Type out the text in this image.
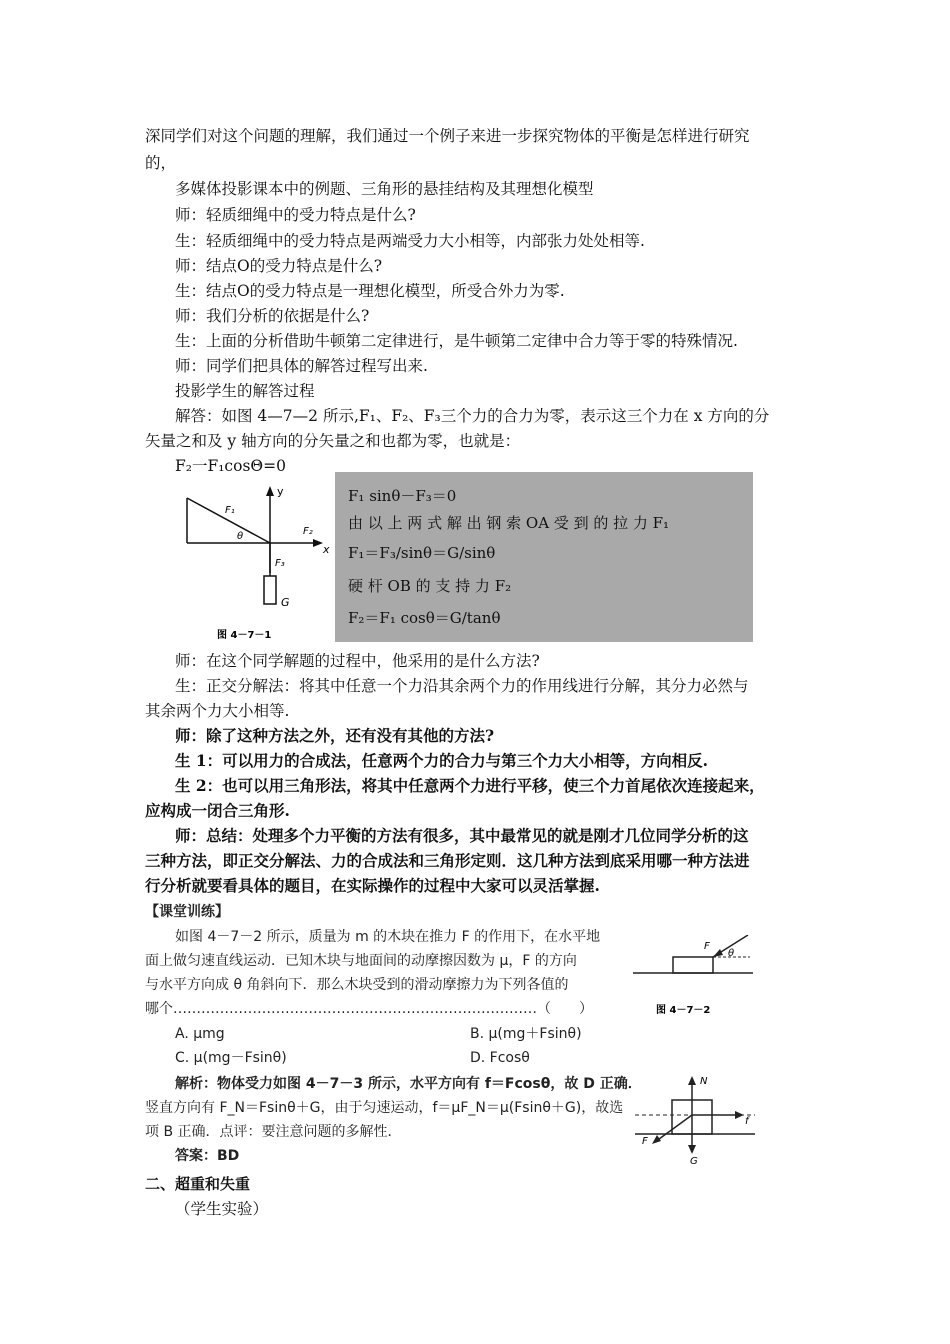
深同学们对这个问题的理解，我们通过一个例子来进一步探究物体的平衡是怎样进行研究
的，
多媒体投影课本中的例题、三角形的悬挂结构及其理想化模型
师：轻质细绳中的受力特点是什么?
生：轻质细绳中的受力特点是两端受力大小相等，内部张力处处相等.
师：结点O的受力特点是什么?
生：结点O的受力特点是一理想化模型，所受合外力为零.
师：我们分析的依据是什么?
生：上面的分析借助牛顿第二定律进行，是牛顿第二定律中合力等于零的特殊情况.
师：同学们把具体的解答过程写出来.
投影学生的解答过程
解答：如图 4—7—2 所示,F₁、F₂、F₃三个力的合力为零，表示这三个力在 x 方向的分
矢量之和及 y 轴方向的分矢量之和也都为零，也就是：
F₂一F₁cosΘ=0
y
F₁
F₂
θ
x
F₃
G
图 4－7－1
F₁ sinθ－F₃＝0
由 以 上 两 式 解 出 钢 索 OA 受 到 的 拉 力 F₁
F₁＝F₃/sinθ＝G/sinθ
硬 杆 OB 的 支 持 力 F₂
F₂＝F₁ cosθ＝G/tanθ
师：在这个同学解题的过程中，他采用的是什么方法?
生：正交分解法：将其中任意一个力沿其余两个力的作用线进行分解，其分力必然与
其余两个力大小相等.
师：除了这种方法之外，还有没有其他的方法?
生 1：可以用力的合成法，任意两个力的合力与第三个力大小相等，方向相反.
生 2：也可以用三角形法，将其中任意两个力进行平移，使三个力首尾依次连接起来，
应构成一闭合三角形.
师：总结：处理多个力平衡的方法有很多，其中最常见的就是刚才几位同学分析的这
三种方法，即正交分解法、力的合成法和三角形定则．这几种方法到底采用哪一种方法进
行分析就要看具体的题目，在实际操作的过程中大家可以灵活掌握.
【课堂训练】
如图 4－7－2 所示，质量为 m 的木块在推力 F 的作用下，在水平地
面上做匀速直线运动．已知木块与地面间的动摩擦因数为 μ，F 的方向
与水平方向成 θ 角斜向下．那么木块受到的滑动摩擦力为下列各值的
哪个……………………………………………………………………（　　）
A. μmg	B. μ(mg＋Fsinθ)
C. μ(mg－Fsinθ)	D. Fcosθ
解析：物体受力如图 4－7－3 所示，水平方向有 f＝Fcosθ，故 D 正确．
竖直方向有 F_N＝Fsinθ＋G，由于匀速运动，f＝μF_N＝μ(Fsinθ＋G)，故选
项 B 正确．点评：要注意问题的多解性．
答案：BD
F
θ
图 4－7－2
N
f
F
G
二、超重和失重
（学生实验）
